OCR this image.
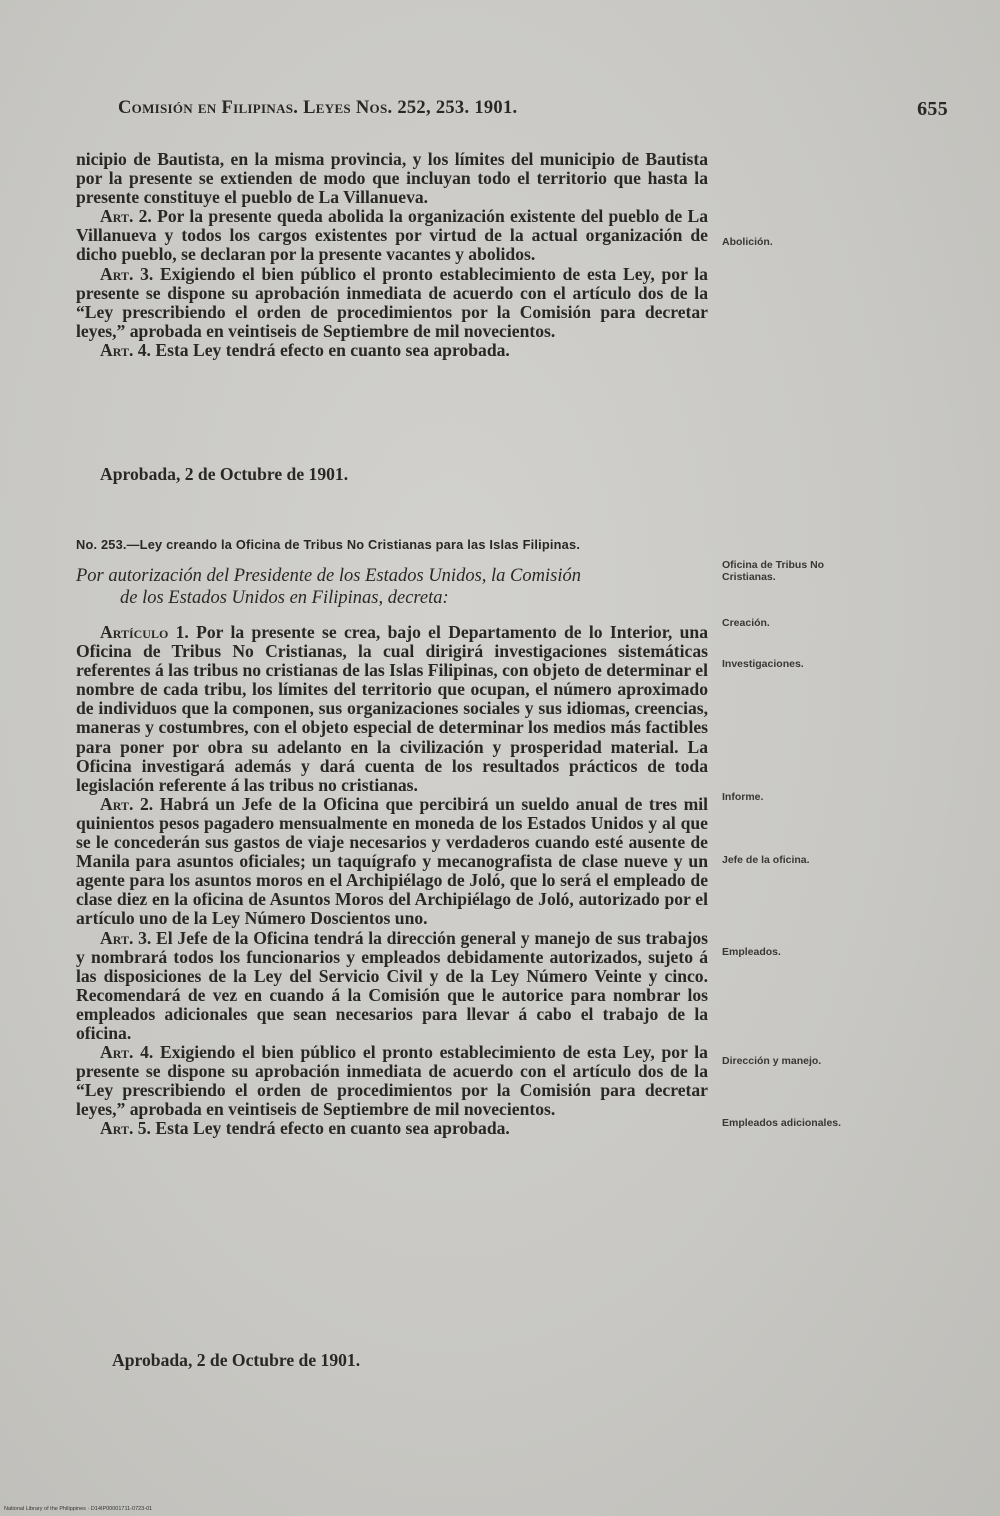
Comisión en Filipinas. Leyes Nos. 252, 253. 1901.	655

nicipio de Bautista, en la misma provincia, y los límites del municipio de Bautista por la presente se extienden de modo que incluyan todo el territorio que hasta la presente constituye el pueblo de La Villanueva.

Art. 2. Por la presente queda abolida la organización existente del pueblo de La Villanueva y todos los cargos existentes por virtud de la actual organización de dicho pueblo, se declaran por la presente vacantes y abolidos.

Art. 3. Exigiendo el bien público el pronto establecimiento de esta Ley, por la presente se dispone su aprobación inmediata de acuerdo con el artículo dos de la “Ley prescribiendo el orden de procedimientos por la Comisión para decretar leyes,” aprobada en veintiseis de Septiembre de mil novecientos.

Art. 4. Esta Ley tendrá efecto en cuanto sea aprobada.

Aprobada, 2 de Octubre de 1901.
No. 253.—Ley creando la Oficina de Tribus No Cristianas para las Islas Filipinas.
Por autorización del Presidente de los Estados Unidos, la Comisión
de los Estados Unidos en Filipinas, decreta:

Artículo 1. Por la presente se crea, bajo el Departamento de lo Interior, una Oficina de Tribus No Cristianas, la cual dirigirá investigaciones sistemáticas referentes á las tribus no cristianas de las Islas Filipinas, con objeto de determinar el nombre de cada tribu, los límites del territorio que ocupan, el número aproximado de individuos que la componen, sus organizaciones sociales y sus idiomas, creencias, maneras y costumbres, con el objeto especial de determinar los medios más factibles para poner por obra su adelanto en la civilización y prosperidad material. La Oficina investigará además y dará cuenta de los resultados prácticos de toda legislación referente á las tribus no cristianas.

Art. 2. Habrá un Jefe de la Oficina que percibirá un sueldo anual de tres mil quinientos pesos pagadero mensualmente en moneda de los Estados Unidos y al que se le concederán sus gastos de viaje necesarios y verdaderos cuando esté ausente de Manila para asuntos oficiales; un taquígrafo y mecanografista de clase nueve y un agente para los asuntos moros en el Archipiélago de Joló, que lo será el empleado de clase diez en la oficina de Asuntos Moros del Archipiélago de Joló, autorizado por el artículo uno de la Ley Número Doscientos uno.

Art. 3. El Jefe de la Oficina tendrá la dirección general y manejo de sus trabajos y nombrará todos los funcionarios y empleados debidamente autorizados, sujeto á las disposiciones de la Ley del Servicio Civil y de la Ley Número Veinte y cinco. Recomendará de vez en cuando á la Comisión que le autorice para nombrar los empleados adicionales que sean necesarios para llevar á cabo el trabajo de la oficina.

Art. 4. Exigiendo el bien público el pronto establecimiento de esta Ley, por la presente se dispone su aprobación inmediata de acuerdo con el artículo dos de la “Ley prescribiendo el orden de procedimientos por la Comisión para decretar leyes,” aprobada en veintiseis de Septiembre de mil novecientos.

Art. 5. Esta Ley tendrá efecto en cuanto sea aprobada.

Aprobada, 2 de Octubre de 1901.
Abolición.
Oficina de Tribus No Cristianas.
Creación.
Investigaciones.
Informe.
Jefe de la oficina.
Empleados.
Dirección y manejo.
Empleados adicionales.
National Library of the Philippines · D14IP00001711-0723-01
